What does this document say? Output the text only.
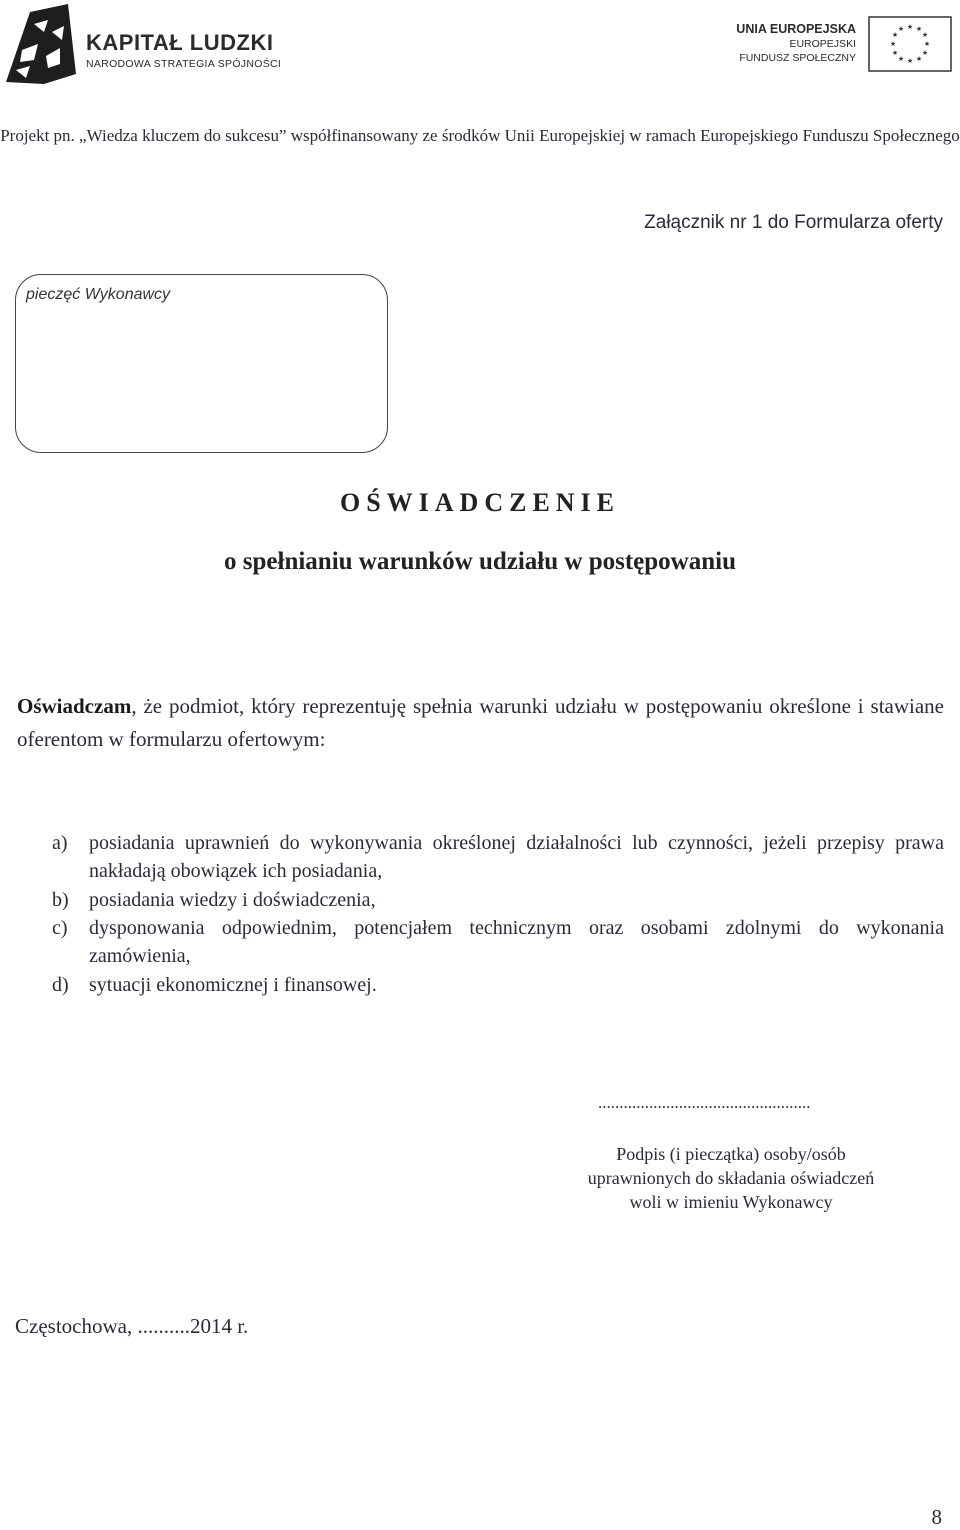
KAPITAŁ LUDZKI
NARODOWA STRATEGIA SPÓJNOŚCI
UNIA EUROPEJSKA
EUROPEJSKI
FUNDUSZ SPOŁECZNY
★ ★
★
★
★
★
★
★
★
★
★
★
Projekt pn. „Wiedza kluczem do sukcesu” współfinansowany ze środków Unii Europejskiej w ramach Europejskiego Funduszu Społecznego
Załącznik nr 1 do Formularza oferty
pieczęć Wykonawcy
OŚWIADCZENIE
o spełnianiu warunków udziału w postępowaniu
Oświadczam, że podmiot, który reprezentuję spełnia warunki udziału w postępowaniu określone i stawiane oferentom w formularzu ofertowym:
a) posiadania uprawnień do wykonywania określonej działalności lub czynności, jeżeli przepisy prawa nakładają obowiązek ich posiadania,
b) posiadania wiedzy i doświadczenia,
c) dysponowania odpowiednim, potencjałem technicznym oraz osobami zdolnymi do wykonania zamówienia,
d) sytuacji ekonomicznej i finansowej.
..................................................
Podpis (i pieczątka) osoby/osób
uprawnionych do składania oświadczeń
woli w imieniu Wykonawcy
Częstochowa, ..........2014 r.
8
